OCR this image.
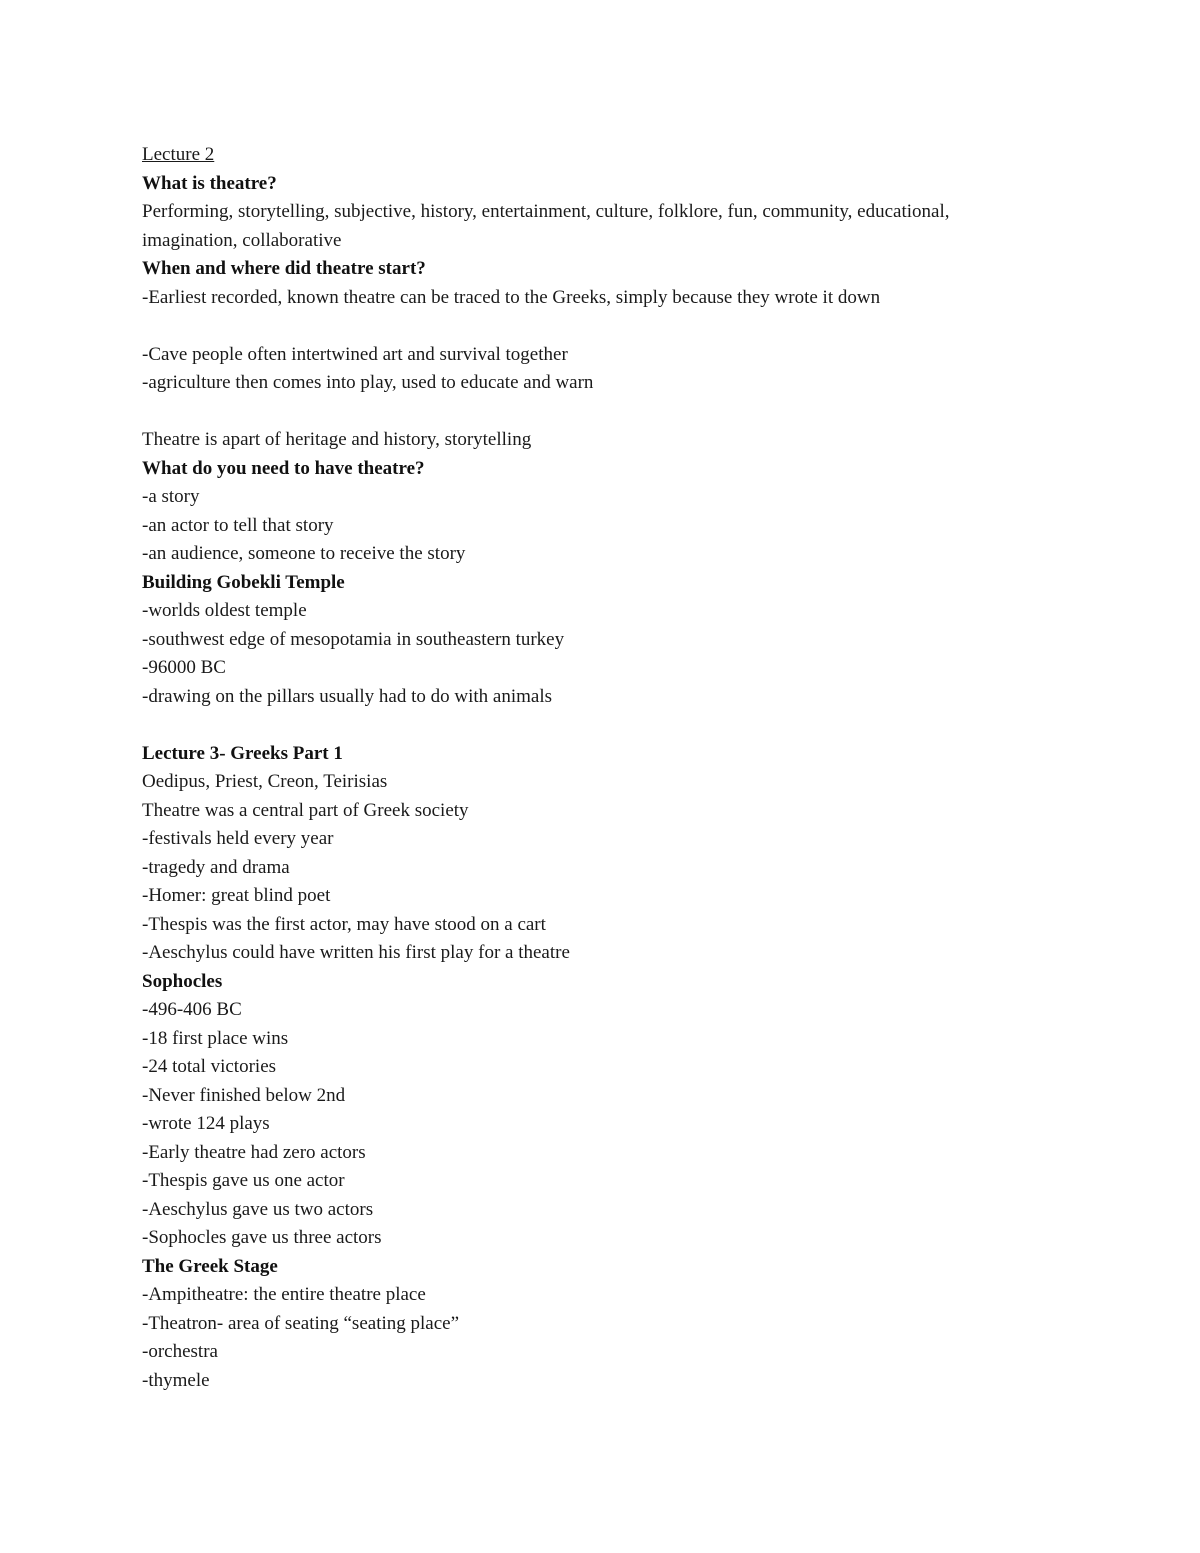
Lecture 2
What is theatre?
Performing, storytelling, subjective, history, entertainment, culture, folklore, fun, community, educational,
imagination, collaborative
When and where did theatre start?
-Earliest recorded, known theatre can be traced to the Greeks, simply because they wrote it down
-Cave people often intertwined art and survival together
-agriculture then comes into play, used to educate and warn
Theatre is apart of heritage and history, storytelling
What do you need to have theatre?
-a story
-an actor to tell that story
-an audience, someone to receive the story
Building Gobekli Temple
-worlds oldest temple
-southwest edge of mesopotamia in southeastern turkey
-96000 BC
-drawing on the pillars usually had to do with animals
Lecture 3- Greeks Part 1
Oedipus, Priest, Creon, Teirisias
Theatre was a central part of Greek society
-festivals held every year
-tragedy and drama
-Homer: great blind poet
-Thespis was the first actor, may have stood on a cart
-Aeschylus could have written his first play for a theatre
Sophocles
-496-406 BC
-18 first place wins
-24 total victories
-Never finished below 2nd
-wrote 124 plays
-Early theatre had zero actors
-Thespis gave us one actor
-Aeschylus gave us two actors
-Sophocles gave us three actors
The Greek Stage
-Ampitheatre: the entire theatre place
-Theatron- area of seating “seating place”
-orchestra
-thymele
